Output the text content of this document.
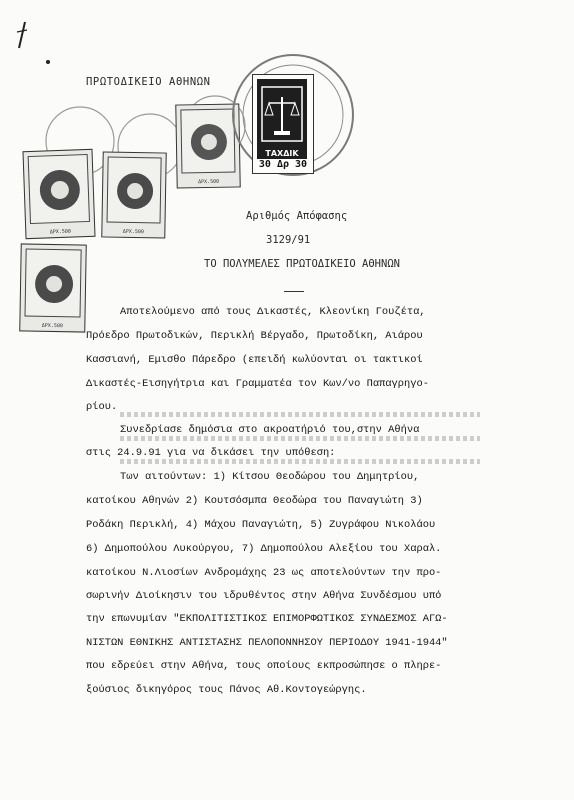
ΠΡΩΤΟΔΙΚΕΙΟ ΑΘΗΝΩΝ
ΔΡΧ.500
ΔΡΧ.500	ΔΡΧ.500
ΔΡΧ.500
ΤΑΧΔΙΚ
30 Δρ 30
Αριθμός Απόφασης
3129/91
ΤΟ ΠΟΛΥΜΕΛΕΣ ΠΡΩΤΟΔΙΚΕΙΟ ΑΘΗΝΩΝ
Αποτελούμενο από τους Δικαστές, Κλεονίκη Γουζέτα,
Πρόεδρο Πρωτοδικών, Περικλή Βέργαδο, Πρωτοδίκη, Αιάρου
Κασσιανή, Εμισθο Πάρεδρο (επειδή κωλύονται οι τακτικοί
Δικαστές-Εισηγήτρια και Γραμματέα τον Κων/νο Παπαγρηγο-
ρίου.
Συνεδρίασε δημόσια στο ακροατήριό του,στην Αθήνα
στις 24.9.91 για να δικάσει την υπόθεση:
Των αιτούντων: 1) Κίτσου Θεοδώρου του Δημητρίου,
κατοίκου Αθηνών 2) Κουτσόσμπα Θεοδώρα του Παναγιώτη 3)
Ροδάκη Περικλή, 4) Μάχου Παναγιώτη, 5) Ζυγράφου Νικολάου
6) Δημοπούλου Λυκούργου, 7) Δημοπούλου Αλεξίου του Χαραλ.
κατοίκου Ν.Λιοσίων Ανδρομάχης 23 ως αποτελούντων την προ-
σωρινήν Διοίκησιν του ιδρυθέντος στην Αθήνα Συνδέσμου υπό
την επωνυμίαν "ΕΚΠΟΛΙΤΙΣΤΙΚΟΣ ΕΠΙΜΟΡΦΩΤΙΚΟΣ ΣΥΝΔΕΣΜΟΣ ΑΓΩ-
ΝΙΣΤΩΝ ΕΘΝΙΚΗΣ ΑΝΤΙΣΤΑΣΗΣ ΠΕΛΟΠΟΝΝΗΣΟΥ ΠΕΡΙΟΔΟΥ 1941-1944"
που εδρεύει στην Αθήνα, τους οποίους εκπροσώπησε ο πληρε-
ξούσιος δικηγόρος τους Πάνος Αθ.Κοντογεώργης.
